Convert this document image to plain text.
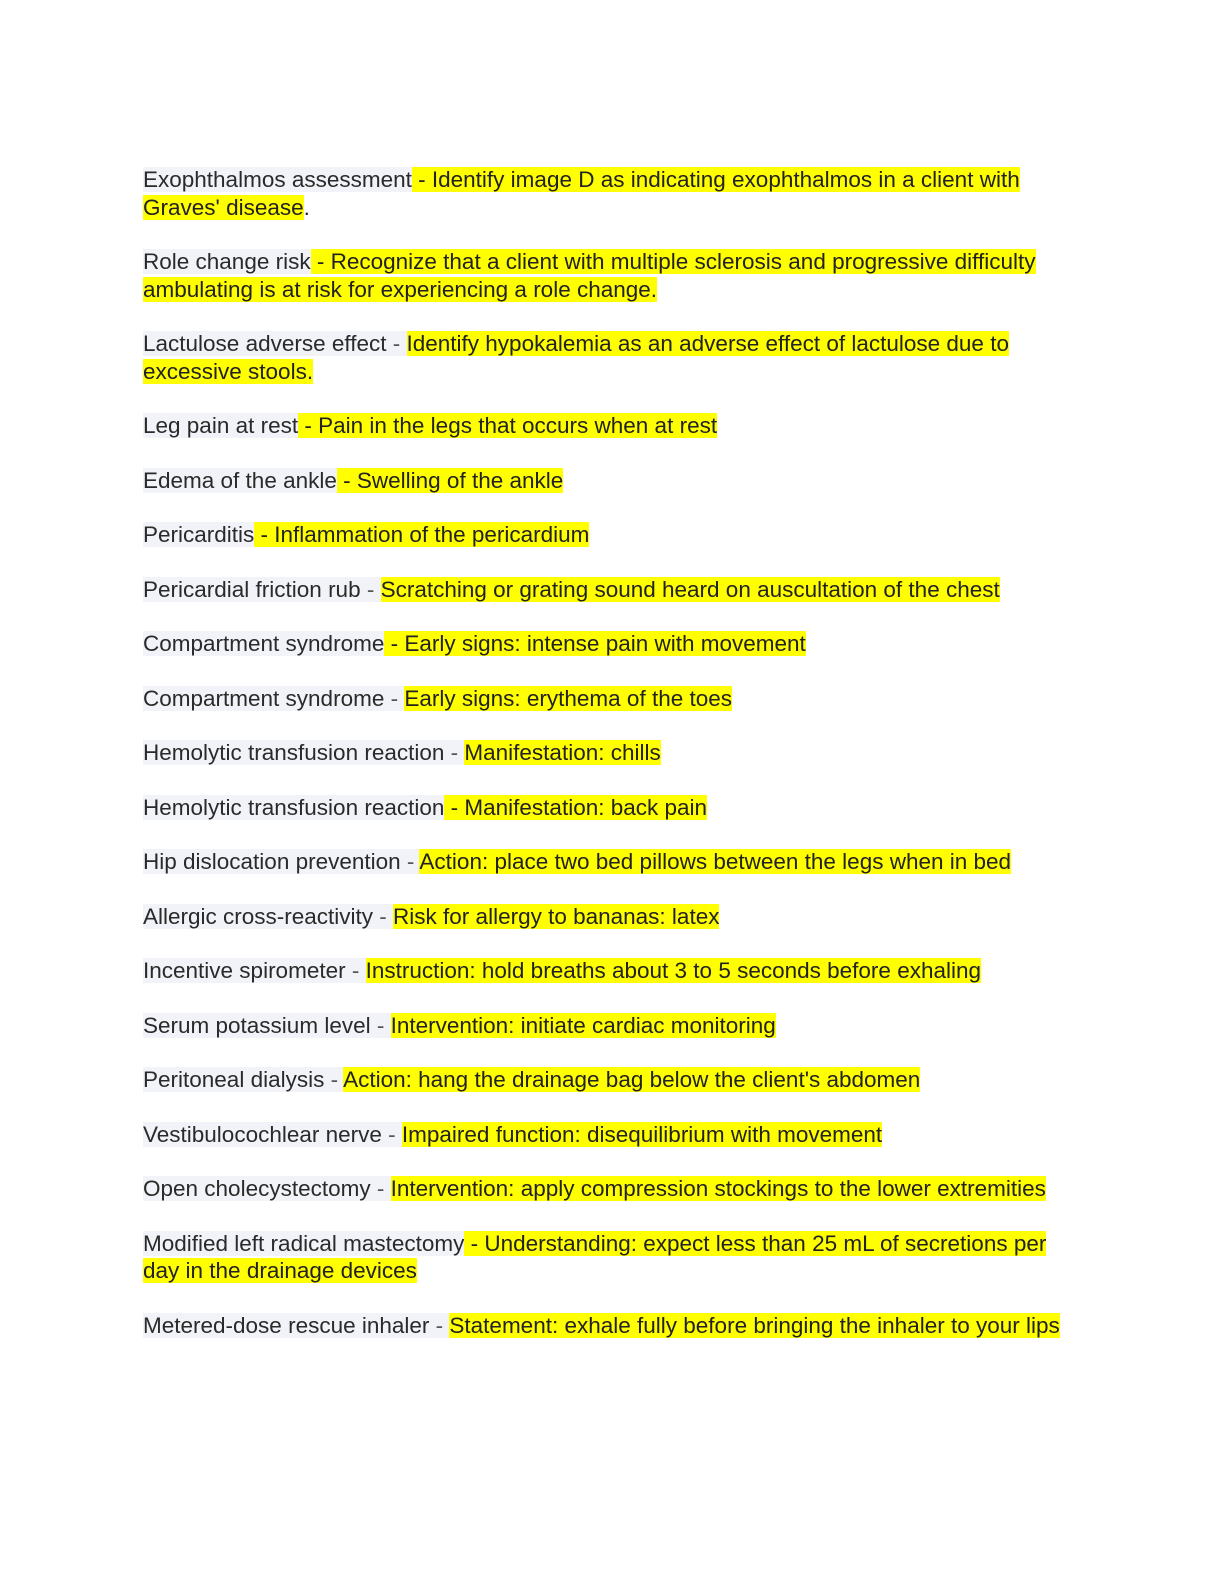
Exophthalmos assessment - Identify image D as indicating exophthalmos in a client with Graves' disease.
Role change risk - Recognize that a client with multiple sclerosis and progressive difficulty ambulating is at risk for experiencing a role change.
Lactulose adverse effect - Identify hypokalemia as an adverse effect of lactulose due to excessive stools.
Leg pain at rest - Pain in the legs that occurs when at rest
Edema of the ankle - Swelling of the ankle
Pericarditis - Inflammation of the pericardium
Pericardial friction rub - Scratching or grating sound heard on auscultation of the chest
Compartment syndrome - Early signs: intense pain with movement
Compartment syndrome - Early signs: erythema of the toes
Hemolytic transfusion reaction - Manifestation: chills
Hemolytic transfusion reaction - Manifestation: back pain
Hip dislocation prevention - Action: place two bed pillows between the legs when in bed
Allergic cross-reactivity - Risk for allergy to bananas: latex
Incentive spirometer - Instruction: hold breaths about 3 to 5 seconds before exhaling
Serum potassium level - Intervention: initiate cardiac monitoring
Peritoneal dialysis - Action: hang the drainage bag below the client's abdomen
Vestibulocochlear nerve - Impaired function: disequilibrium with movement
Open cholecystectomy - Intervention: apply compression stockings to the lower extremities
Modified left radical mastectomy - Understanding: expect less than 25 mL of secretions per day in the drainage devices
Metered-dose rescue inhaler - Statement: exhale fully before bringing the inhaler to your lips
